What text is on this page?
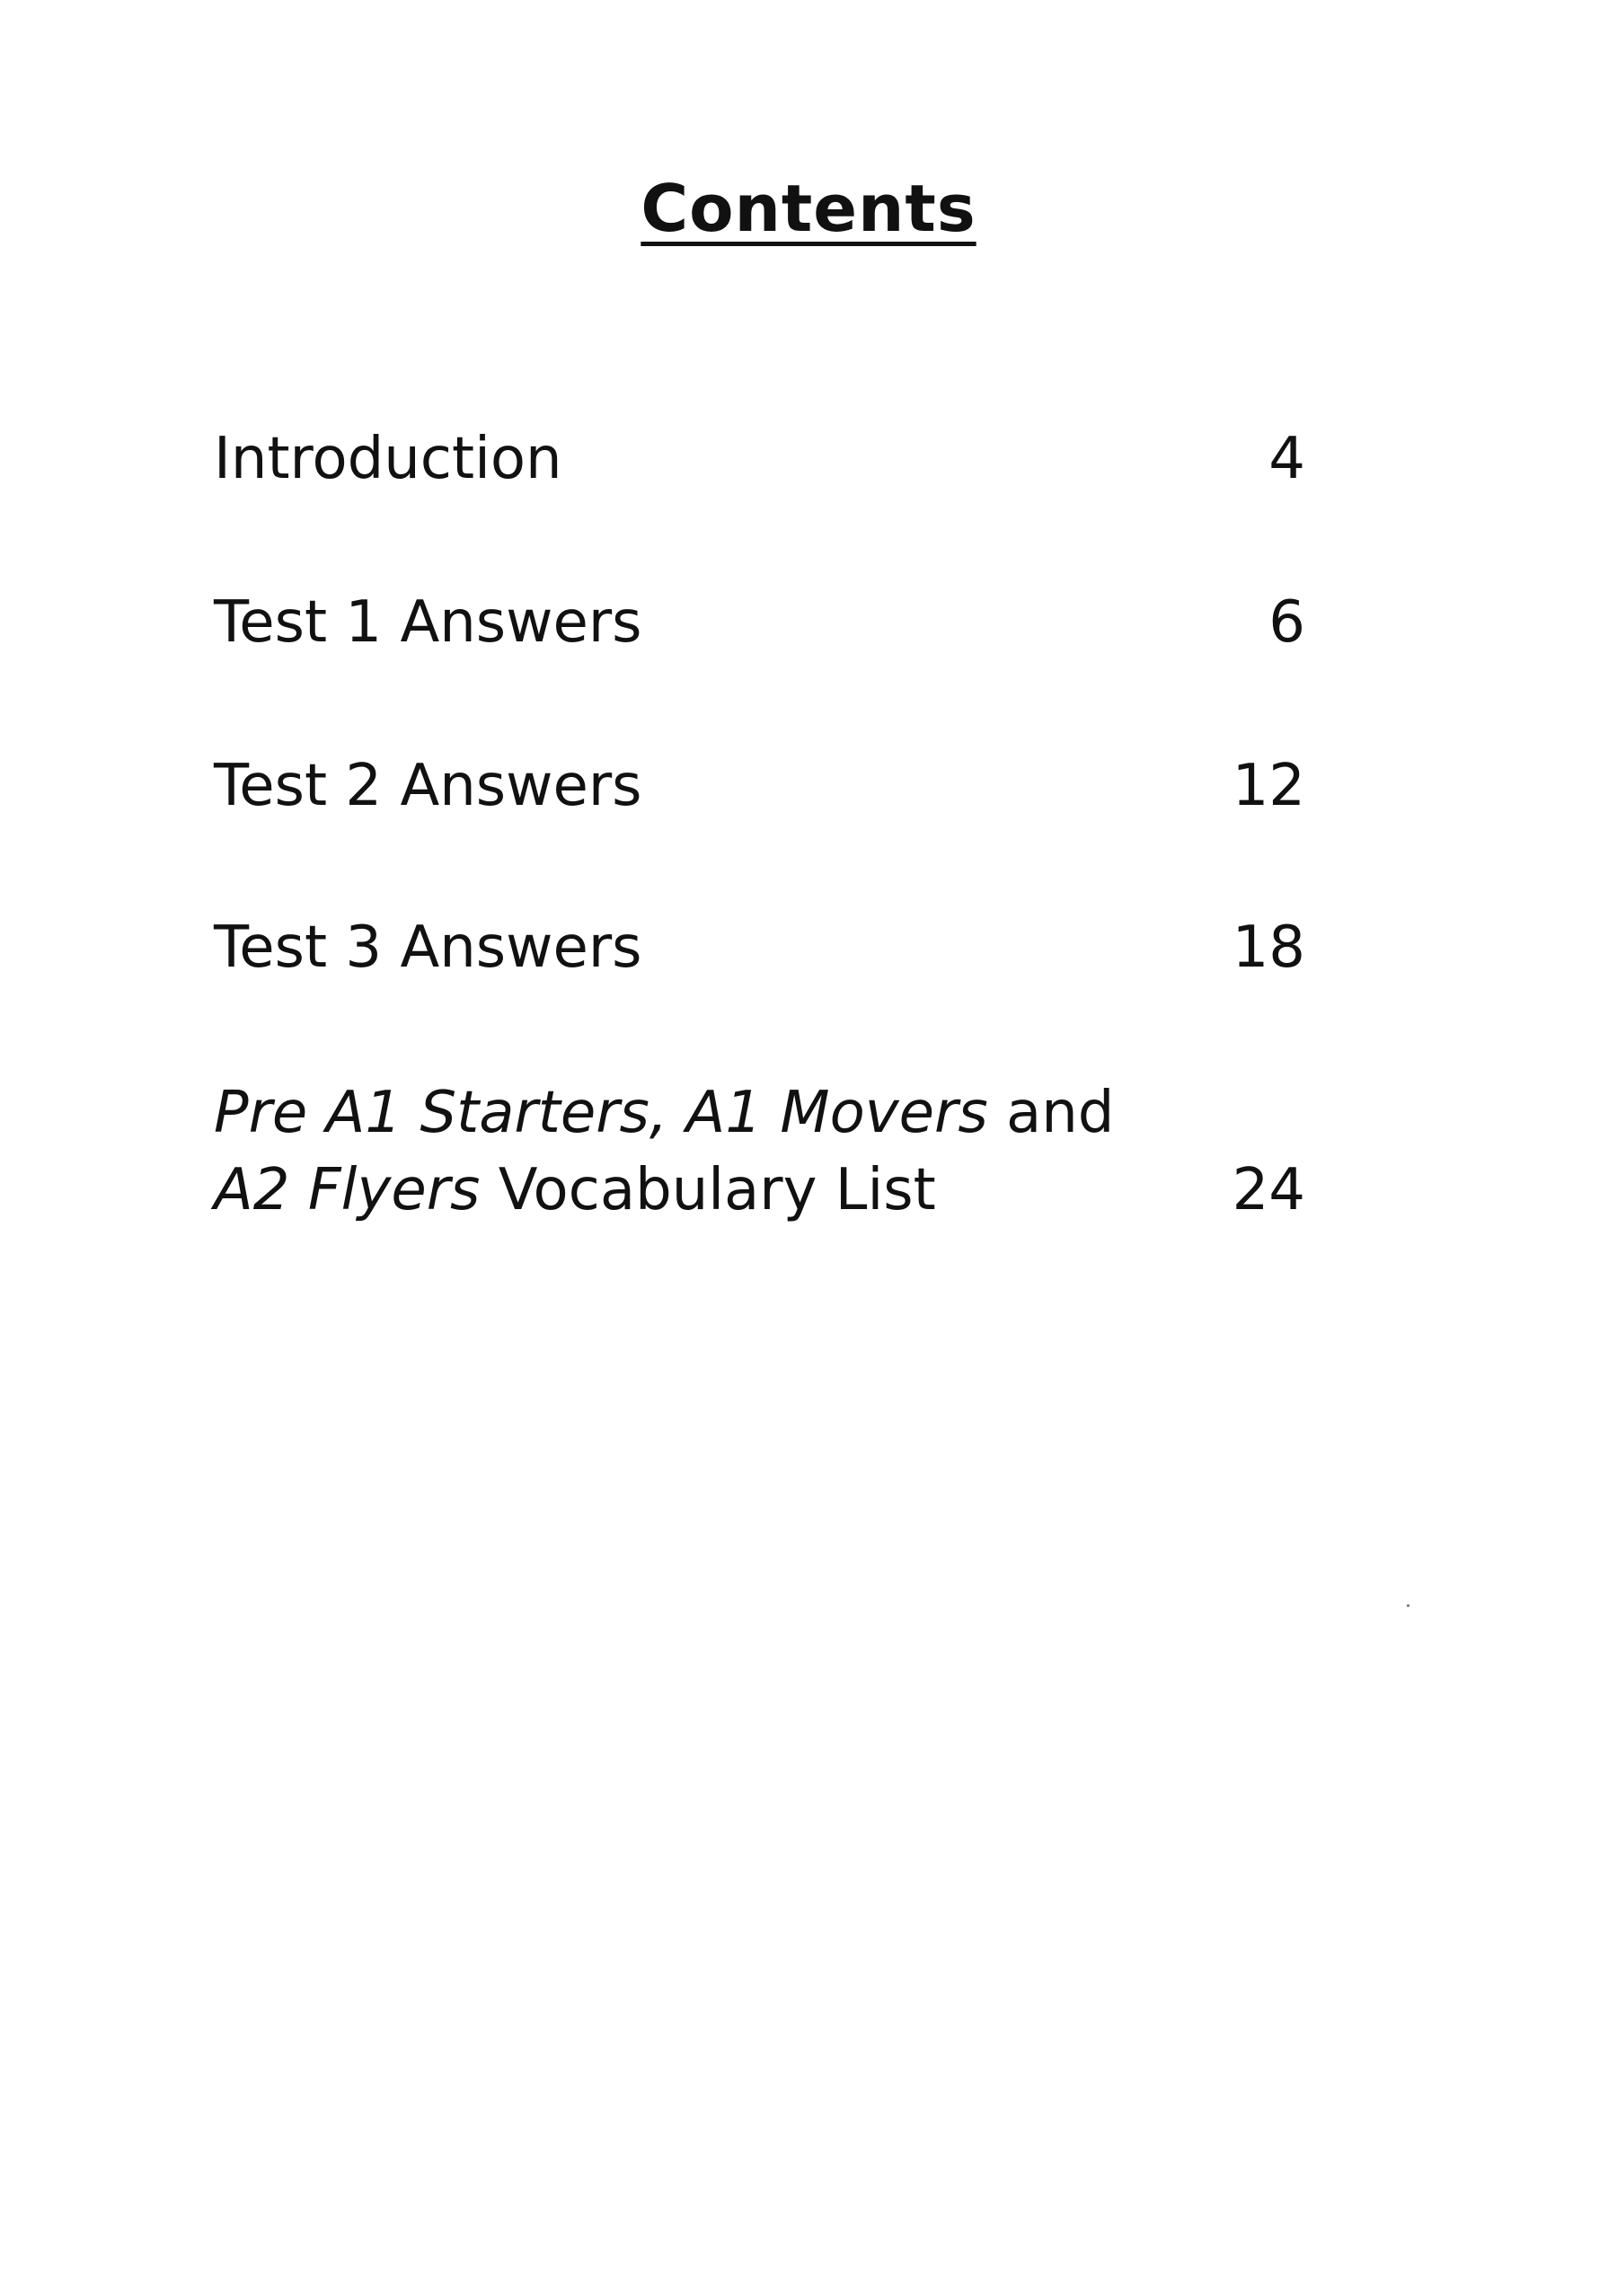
Contents
Introduction	4
Test 1 Answers	6
Test 2 Answers	12
Test 3 Answers	18
Pre A1 Starters, A1 Movers and
A2 Flyers Vocabulary List	24
